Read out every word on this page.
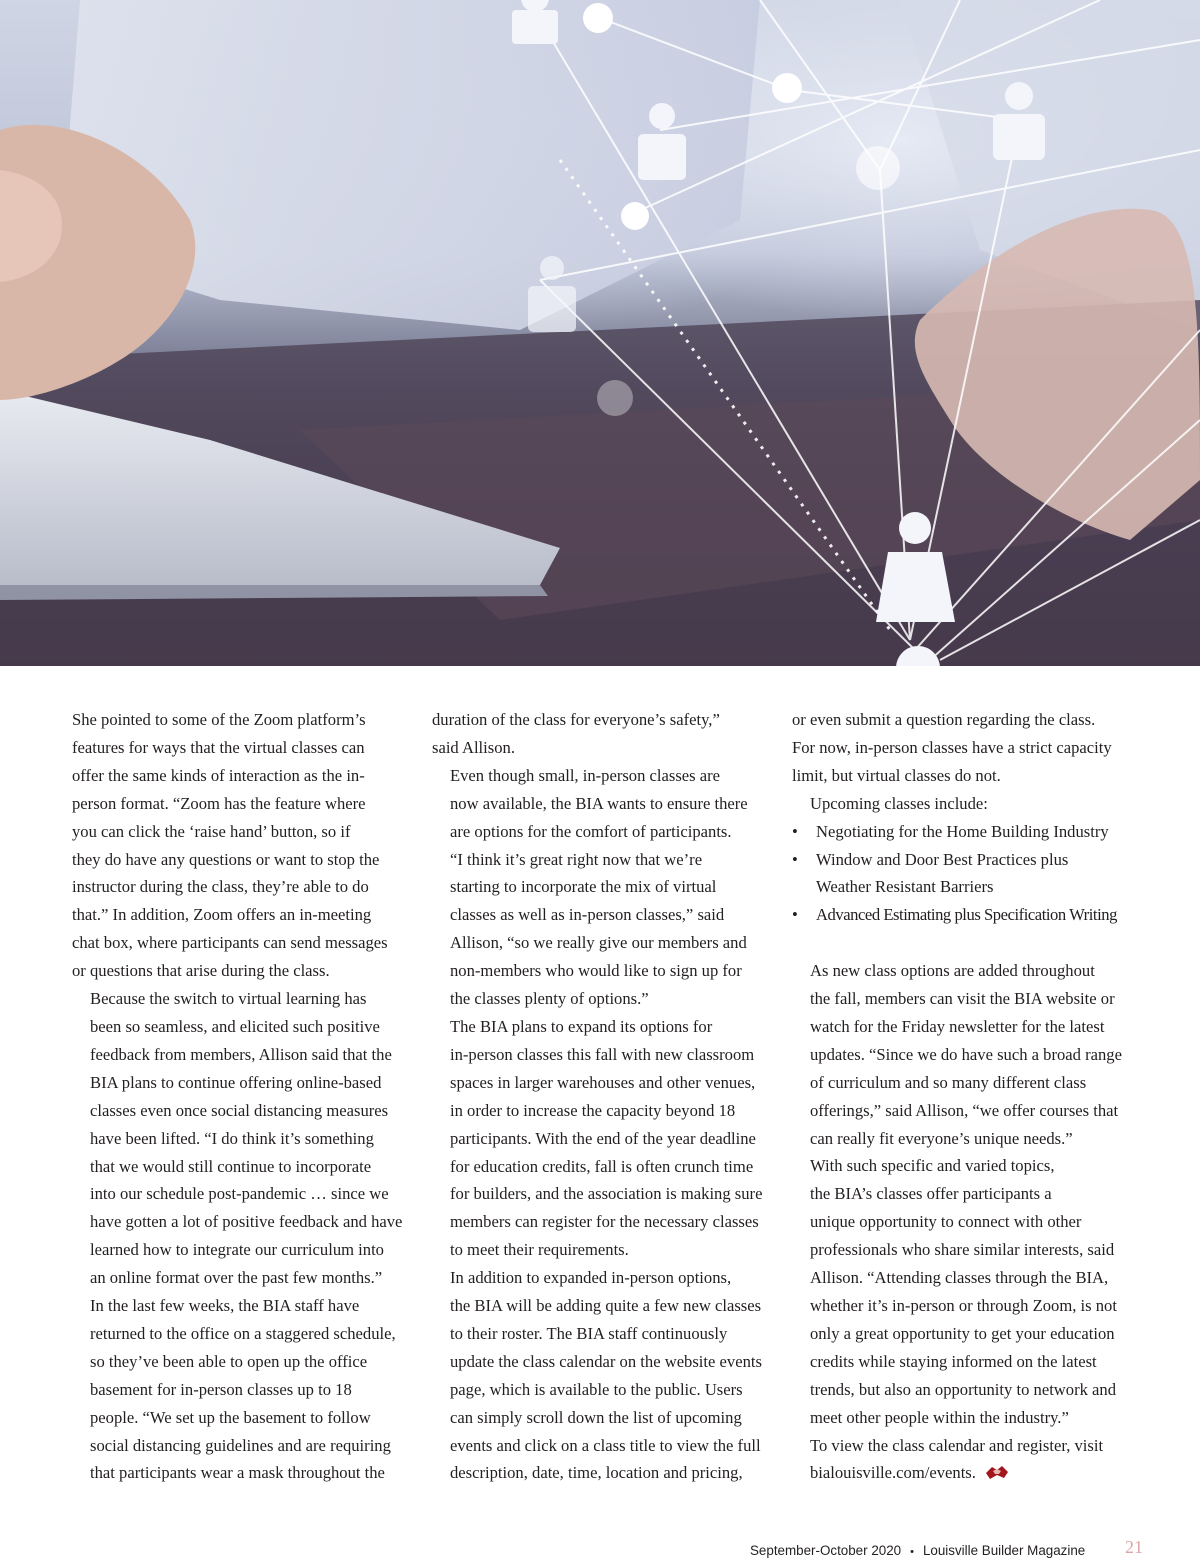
She pointed to some of the Zoom platform’s
features for ways that the virtual classes can
offer the same kinds of interaction as the in-
person format. “Zoom has the feature where
you can click the ‘raise hand’ button, so if
they do have any questions or want to stop the
instructor during the class, they’re able to do
that.” In addition, Zoom offers an in-meeting
chat box, where participants can send messages
or questions that arise during the class.

Because the switch to virtual learning has
been so seamless, and elicited such positive
feedback from members, Allison said that the
BIA plans to continue offering online-based
classes even once social distancing measures
have been lifted. “I do think it’s something
that we would still continue to incorporate
into our schedule post-pandemic … since we
have gotten a lot of positive feedback and have
learned how to integrate our curriculum into
an online format over the past few months.”

In the last few weeks, the BIA staff have
returned to the office on a staggered schedule,
so they’ve been able to open up the office
basement for in-person classes up to 18
people. “We set up the basement to follow
social distancing guidelines and are requiring
that participants wear a mask throughout the

duration of the class for everyone’s safety,”
said Allison.

Even though small, in-person classes are
now available, the BIA wants to ensure there
are options for the comfort of participants.
“I think it’s great right now that we’re
starting to incorporate the mix of virtual
classes as well as in-person classes,” said
Allison, “so we really give our members and
non-members who would like to sign up for
the classes plenty of options.”

The BIA plans to expand its options for
in-person classes this fall with new classroom
spaces in larger warehouses and other venues,
in order to increase the capacity beyond 18
participants. With the end of the year deadline
for education credits, fall is often crunch time
for builders, and the association is making sure
members can register for the necessary classes
to meet their requirements.

In addition to expanded in-person options,
the BIA will be adding quite a few new classes
to their roster. The BIA staff continuously
update the class calendar on the website events
page, which is available to the public. Users
can simply scroll down the list of upcoming
events and click on a class title to view the full
description, date, time, location and pricing,

or even submit a question regarding the class.
For now, in-person classes have a strict capacity
limit, but virtual classes do not.

Upcoming classes include:

• Negotiating for the Home Building Industry
• Window and Door Best Practices plus
Weather Resistant Barriers
• Advanced Estimating plus Specification Writing

As new class options are added throughout
the fall, members can visit the BIA website or
watch for the Friday newsletter for the latest
updates. “Since we do have such a broad range
of curriculum and so many different class
offerings,” said Allison, “we offer courses that
can really fit everyone’s unique needs.”

With such specific and varied topics,
the BIA’s classes offer participants a
unique opportunity to connect with other
professionals who share similar interests, said
Allison. “Attending classes through the BIA,
whether it’s in-person or through Zoom, is not
only a great opportunity to get your education
credits while staying informed on the latest
trends, but also an opportunity to network and
meet other people within the industry.”

To view the class calendar and register, visit
bialouisville.com/events.

September-October 2020 • Louisville Builder Magazine 21
